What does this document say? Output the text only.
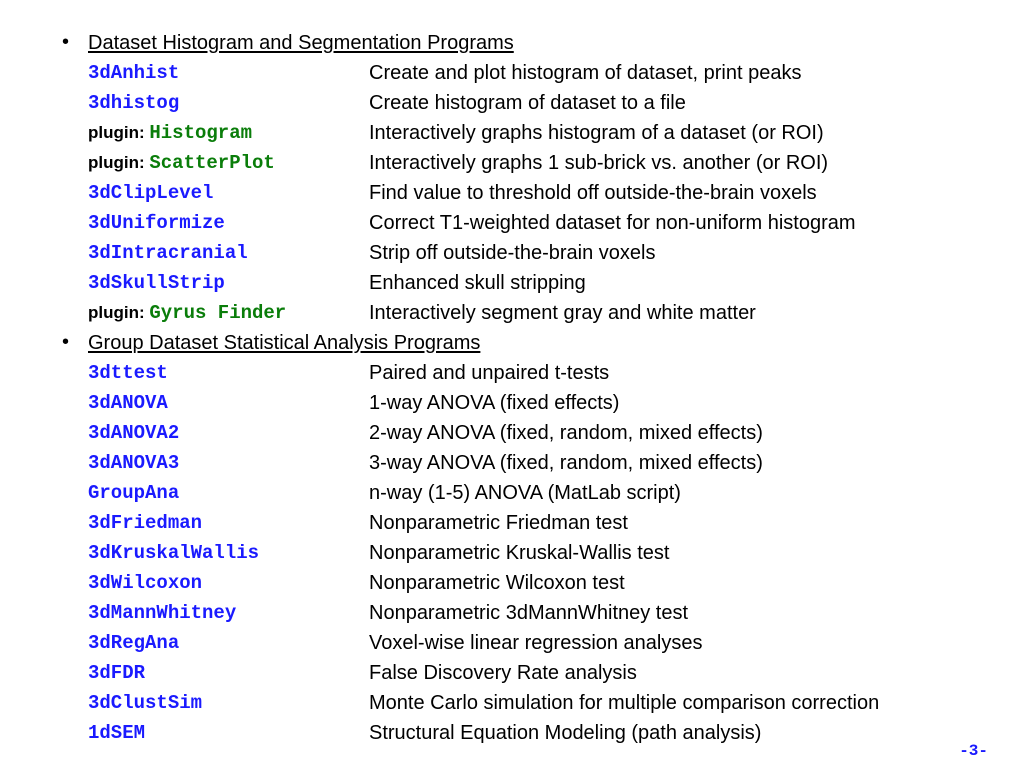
• Dataset Histogram and Segmentation Programs
3dAnhist	Create and plot histogram of dataset, print peaks
3dhistog	Create histogram of dataset to a file
plugin: Histogram	Interactively graphs histogram of a dataset (or ROI)
plugin: ScatterPlot	Interactively graphs 1 sub-brick vs. another (or ROI)
3dClipLevel	Find value to threshold off outside-the-brain voxels
3dUniformize	Correct T1-weighted dataset for non-uniform histogram
3dIntracranial	Strip off outside-the-brain voxels
3dSkullStrip	Enhanced skull stripping
plugin: Gyrus Finder	Interactively segment gray and white matter
• Group Dataset Statistical Analysis Programs
3dttest	Paired and unpaired t-tests
3dANOVA	1-way ANOVA (fixed effects)
3dANOVA2	2-way ANOVA (fixed, random, mixed effects)
3dANOVA3	3-way ANOVA (fixed, random, mixed effects)
GroupAna	n-way (1-5) ANOVA (MatLab script)
3dFriedman	Nonparametric Friedman test
3dKruskalWallis	Nonparametric Kruskal-Wallis test
3dWilcoxon	Nonparametric Wilcoxon test
3dMannWhitney	Nonparametric 3dMannWhitney test
3dRegAna	Voxel-wise linear regression analyses
3dFDR	False Discovery Rate analysis
3dClustSim	Monte Carlo simulation for multiple comparison correction
1dSEM	Structural Equation Modeling (path analysis)
-3-
